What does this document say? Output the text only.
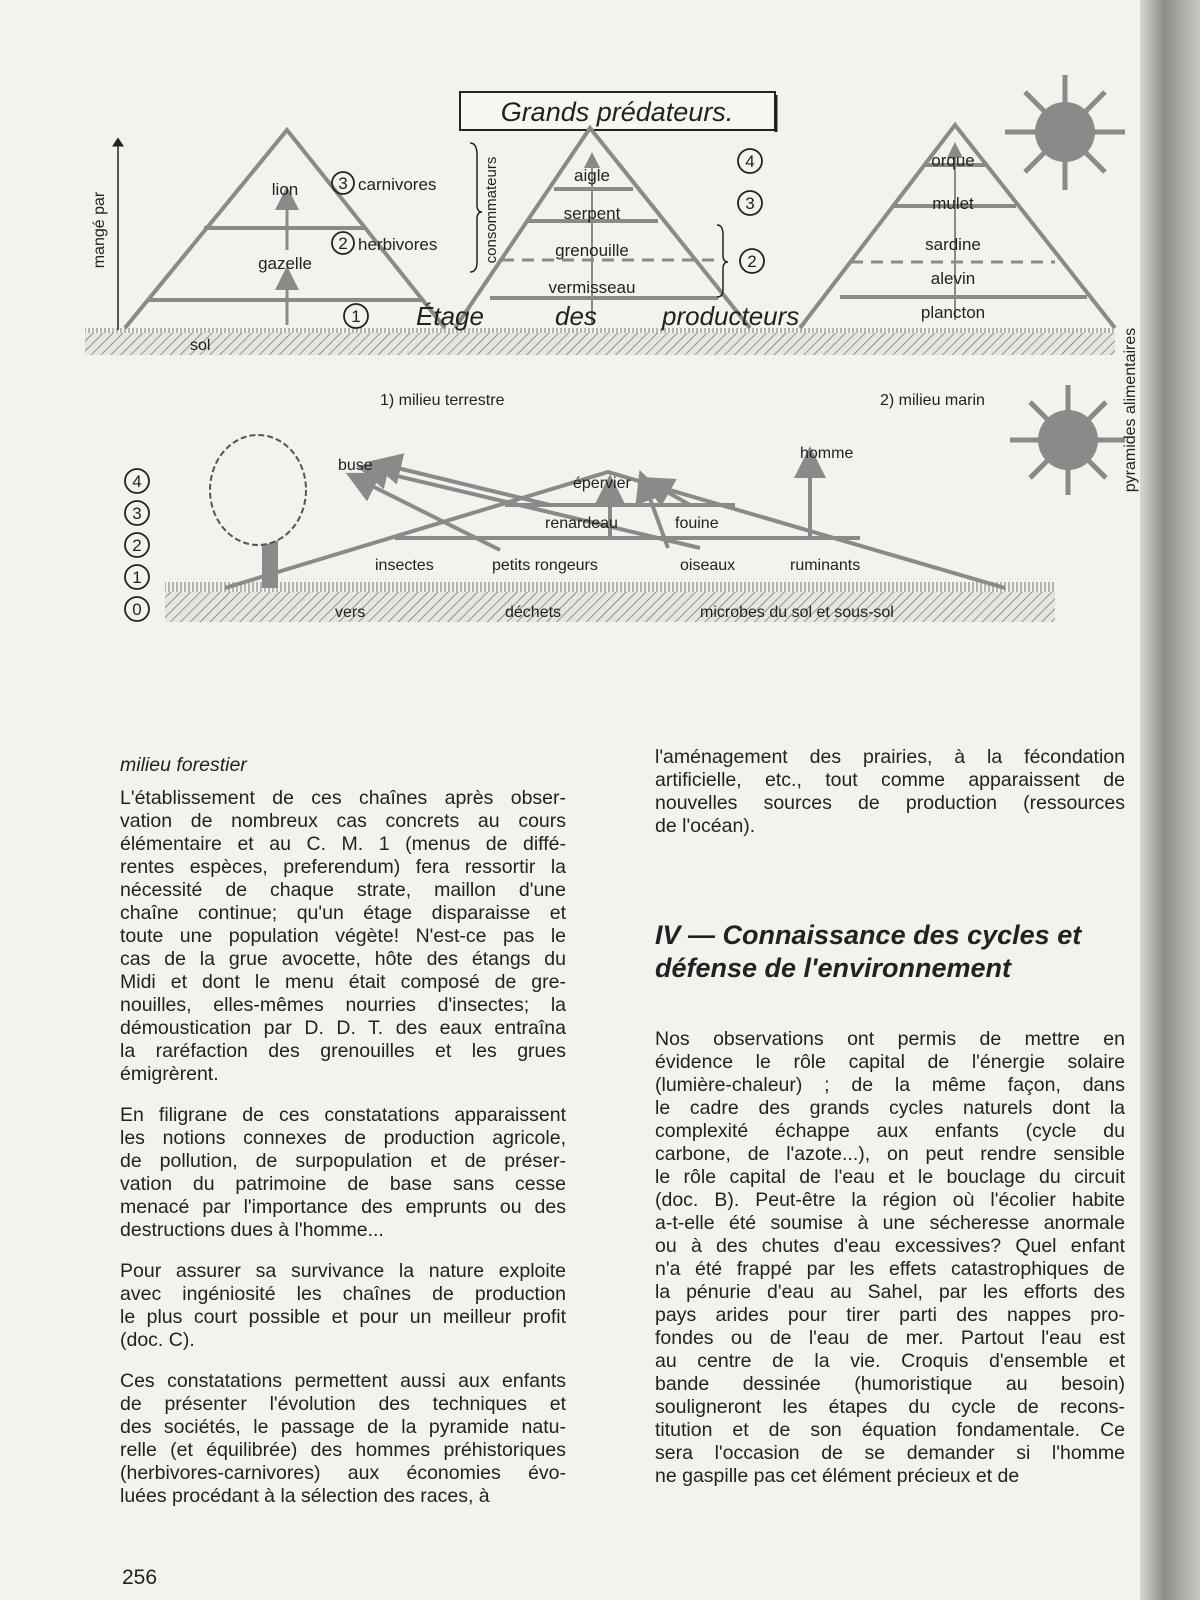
Grands prédateurs.
mangé par
sol
lion
gazelle
3 carnivores
2 herbivores
1
consommateurs	aigle
serpent
grenouille
vermisseau
4
3
2
Étage	des	producteurs
orque
mulet
sardine
alevin
plancton
1) milieu terrestre	2) milieu marin	pyramides alimentaires
4
3
2
1
0
buse
épervier
homme
renardeau	fouine
insectes	petits rongeurs	oiseaux	ruminants
vers	déchets	microbes du sol et sous-sol
milieu forestier
L'établissement de ces chaînes après obser-
vation de nombreux cas concrets au cours
élémentaire et au C. M. 1 (menus de diffé-
rentes espèces, preferendum) fera ressortir la
nécessité de chaque strate, maillon d'une
chaîne continue; qu'un étage disparaisse et
toute une population végète! N'est-ce pas le
cas de la grue avocette, hôte des étangs du
Midi et dont le menu était composé de gre-
nouilles, elles-mêmes nourries d'insectes; la
démoustication par D. D. T. des eaux entraîna
la raréfaction des grenouilles et les grues
émigrèrent.
En filigrane de ces constatations apparaissent
les notions connexes de production agricole,
de pollution, de surpopulation et de préser-
vation du patrimoine de base sans cesse
menacé par l'importance des emprunts ou des
destructions dues à l'homme...
Pour assurer sa survivance la nature exploite
avec ingéniosité les chaînes de production
le plus court possible et pour un meilleur profit
(doc. C).
Ces constatations permettent aussi aux enfants
de présenter l'évolution des techniques et
des sociétés, le passage de la pyramide natu-
relle (et équilibrée) des hommes préhistoriques
(herbivores-carnivores) aux économies évo-
luées procédant à la sélection des races, à
l'aménagement des prairies, à la fécondation
artificielle, etc., tout comme apparaissent de
nouvelles sources de production (ressources
de l'océan).
IV — Connaissance des cycles et
défense de l'environnement
Nos observations ont permis de mettre en
évidence le rôle capital de l'énergie solaire
(lumière-chaleur) ; de la même façon, dans
le cadre des grands cycles naturels dont la
complexité échappe aux enfants (cycle du
carbone, de l'azote...), on peut rendre sensible
le rôle capital de l'eau et le bouclage du circuit
(doc. B). Peut-être la région où l'écolier habite
a-t-elle été soumise à une sécheresse anormale
ou à des chutes d'eau excessives? Quel enfant
n'a été frappé par les effets catastrophiques de
la pénurie d'eau au Sahel, par les efforts des
pays arides pour tirer parti des nappes pro-
fondes ou de l'eau de mer. Partout l'eau est
au centre de la vie. Croquis d'ensemble et
bande dessinée (humoristique au besoin)
souligneront les étapes du cycle de recons-
titution et de son équation fondamentale. Ce
sera l'occasion de se demander si l'homme
ne gaspille pas cet élément précieux et de
256
